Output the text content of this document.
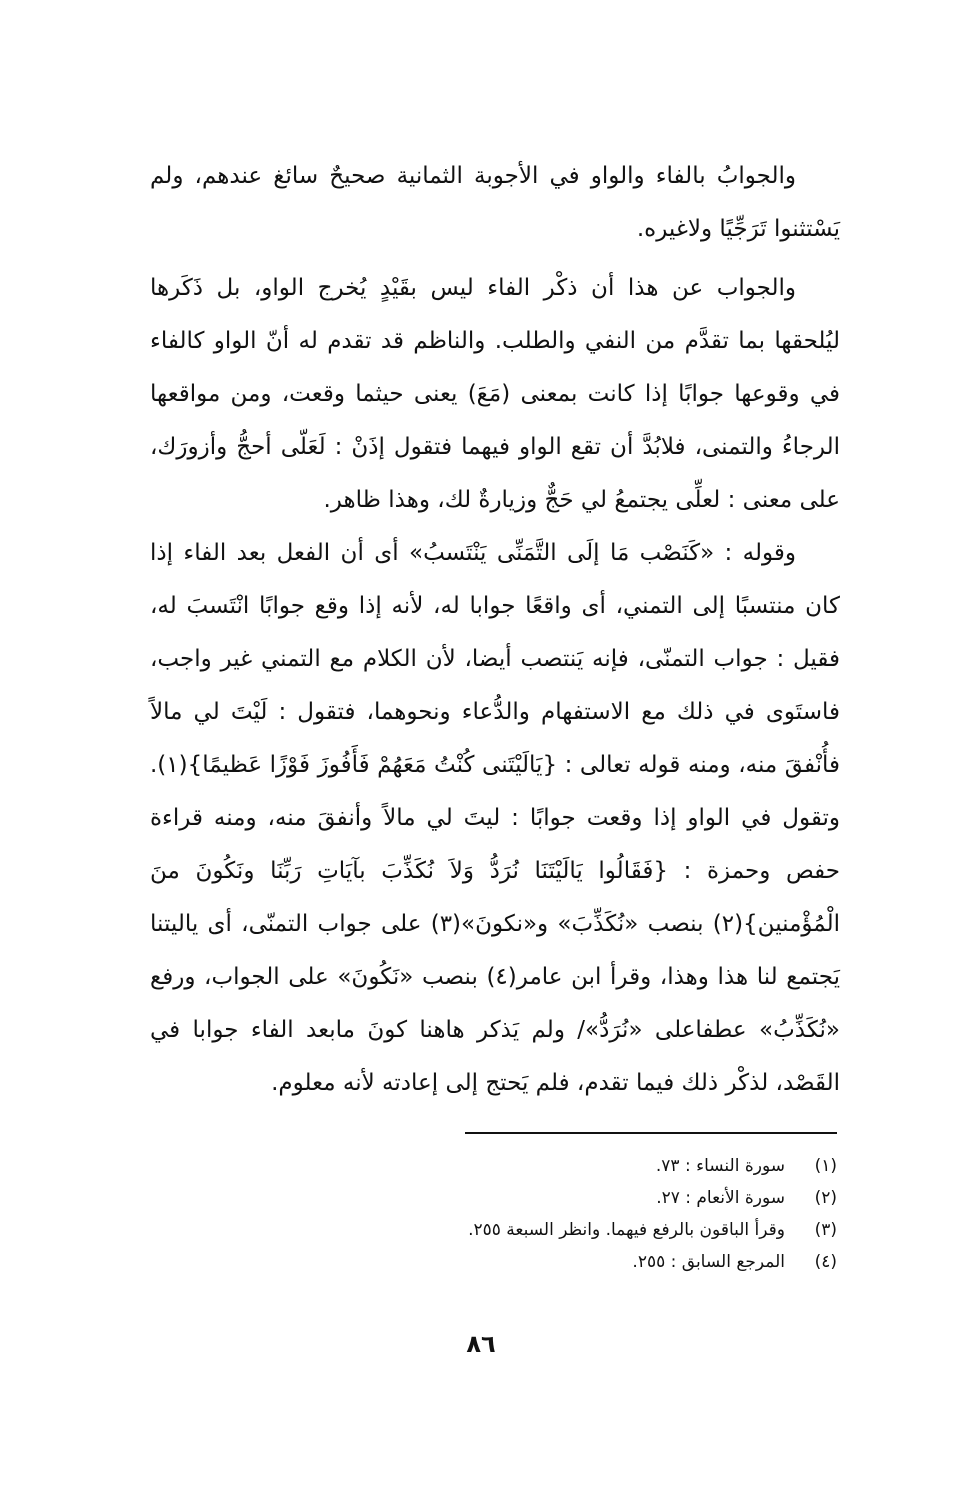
والجوابُ بالفاء والواو في الأجوبة الثمانية صحيحٌ سائغ عندهم، ولم يَسْتثنوا تَرَجِّيًا ولاغيره.

والجواب عن هذا أن ذكْر الفاء ليس بقَيْدٍ يُخرج الواو، بل ذَكَرها ليُلحقها بما تقدَّم من النفي والطلب. والناظم قد تقدم له أنّ الواو كالفاء في وقوعها جوابًا إذا كانت بمعنى (مَعَ) يعنى حيثما وقعت، ومن مواقعها الرجاءُ والتمنى، فلابُدَّ أن تقع الواو فيهما فتقول إذَنْ : لَعَلّى أحجُّ وأزورَك، على معنى : لعلِّى يجتمعُ لي حَجٌّ وزيارةٌ لك، وهذا ظاهر.

وقوله : «كَنَصْب مَا إلَى التَّمَنِّى يَنْتَسبُ» أى أن الفعل بعد الفاء إذا كان منتسبًا إلى التمني، أى واقعًا جوابا له، لأنه إذا وقع جوابًا انْتَسبَ له، فقيل : جواب التمنّى، فإنه يَنتصب أيضا، لأن الكلام مع التمني غير واجب، فاستَوى في ذلك مع الاستفهام والدُّعاء ونحوهما، فتقول : لَيْتَ لي مالاً فأُنْفقَ منه، ومنه قوله تعالى : {يَالَيْتَنى كُنْتُ مَعَهُمْ فَأَفُوزَ فَوْزًا عَظيمًا}(١). وتقول في الواو إذا وقعت جوابًا : ليتَ لي مالاً وأنفقَ منه، ومنه قراءة حفص وحمزة : {فَقَالُوا يَالَيْتَنَا نُرَدُّ وَلاَ نُكَذِّبَ بآيَاتِ رَبِّنَا ونَكُونَ منَ الْمُؤْمنين}(٢) بنصب «نُكَذِّبَ» و«نكونَ»(٣) على جواب التمنّى، أى ياليتنا يَجتمع لنا هذا وهذا، وقرأ ابن عامر(٤) بنصب «نَكُونَ» على الجواب، ورفع «نُكَذِّبُ» عطفاعلى «نُرَدُّ»/ ولم يَذكر هاهنا كونَ مابعد الفاء جوابا في القَصْد، لذكْر ذلك فيما تقدم، فلم يَحتج إلى إعادته لأنه معلوم.

(١)
سورة النساء : ٧٣.
(٢)
سورة الأنعام : ٢٧.
(٣)
وقرأ الباقون بالرفع فيهما. وانظر السبعة ٢٥٥.
(٤)
المرجع السابق : ٢٥٥.
٨٦
